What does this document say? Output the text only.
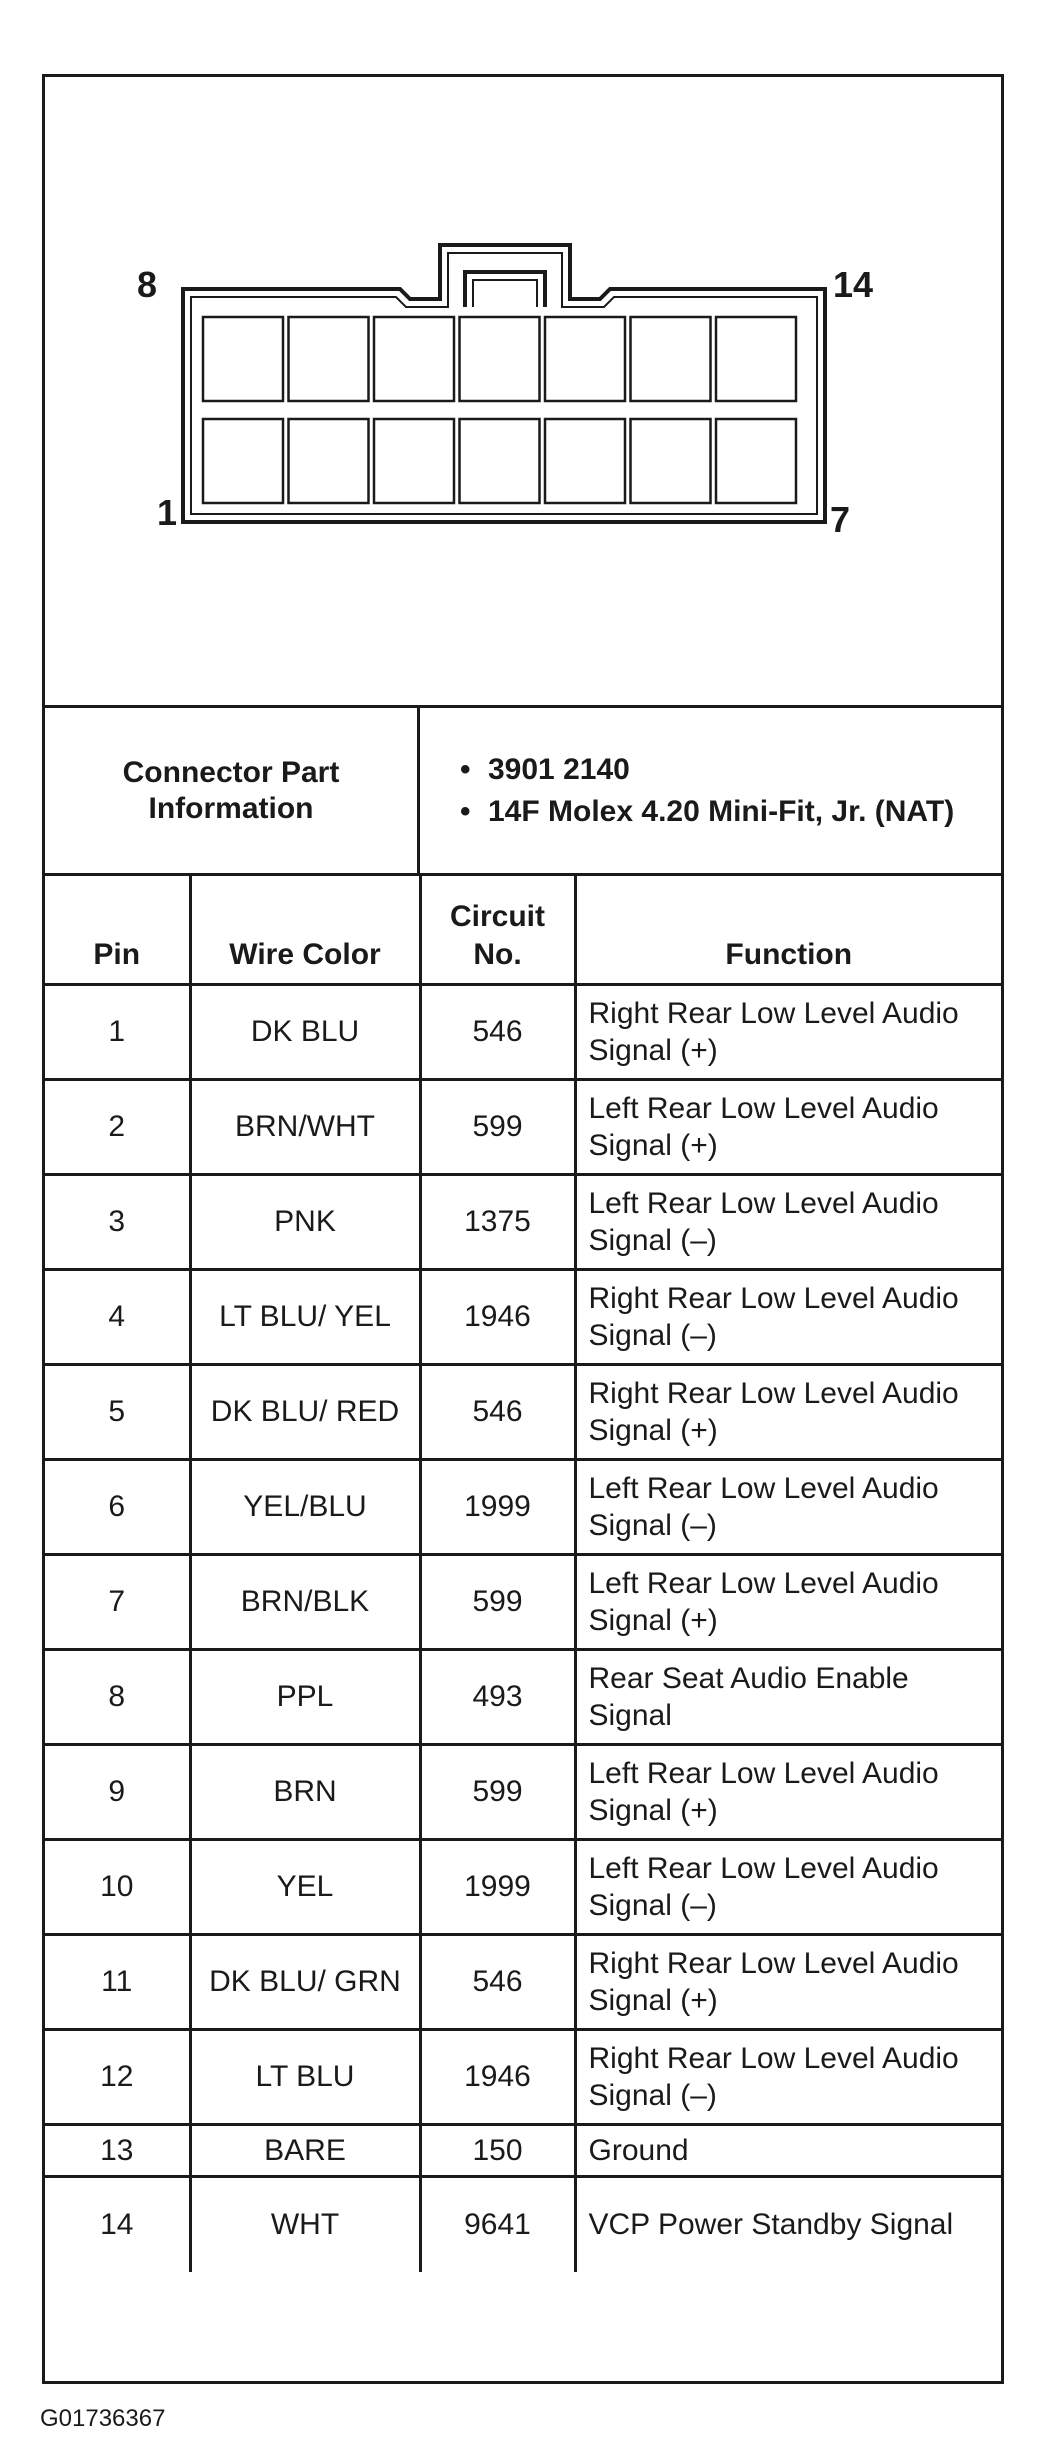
8	14
1	7
Connector Part Information
• 3901 2140
• 14F Molex 4.20 Mini-Fit, Jr. (NAT)
Pin	Wire Color	Circuit No.	Function
1	DK BLU	546	Right Rear Low Level Audio Signal (+)
2	BRN/WHT	599	Left Rear Low Level Audio Signal (+)
3	PNK	1375	Left Rear Low Level Audio Signal (–)
4	LT BLU/ YEL	1946	Right Rear Low Level Audio Signal (–)
5	DK BLU/ RED	546	Right Rear Low Level Audio Signal (+)
6	YEL/BLU	1999	Left Rear Low Level Audio Signal (–)
7	BRN/BLK	599	Left Rear Low Level Audio Signal (+)
8	PPL	493	Rear Seat Audio Enable Signal
9	BRN	599	Left Rear Low Level Audio Signal (+)
10	YEL	1999	Left Rear Low Level Audio Signal (–)
11	DK BLU/ GRN	546	Right Rear Low Level Audio Signal (+)
12	LT BLU	1946	Right Rear Low Level Audio Signal (–)
13	BARE	150	Ground
14	WHT	9641	VCP Power Standby Signal
G01736367
